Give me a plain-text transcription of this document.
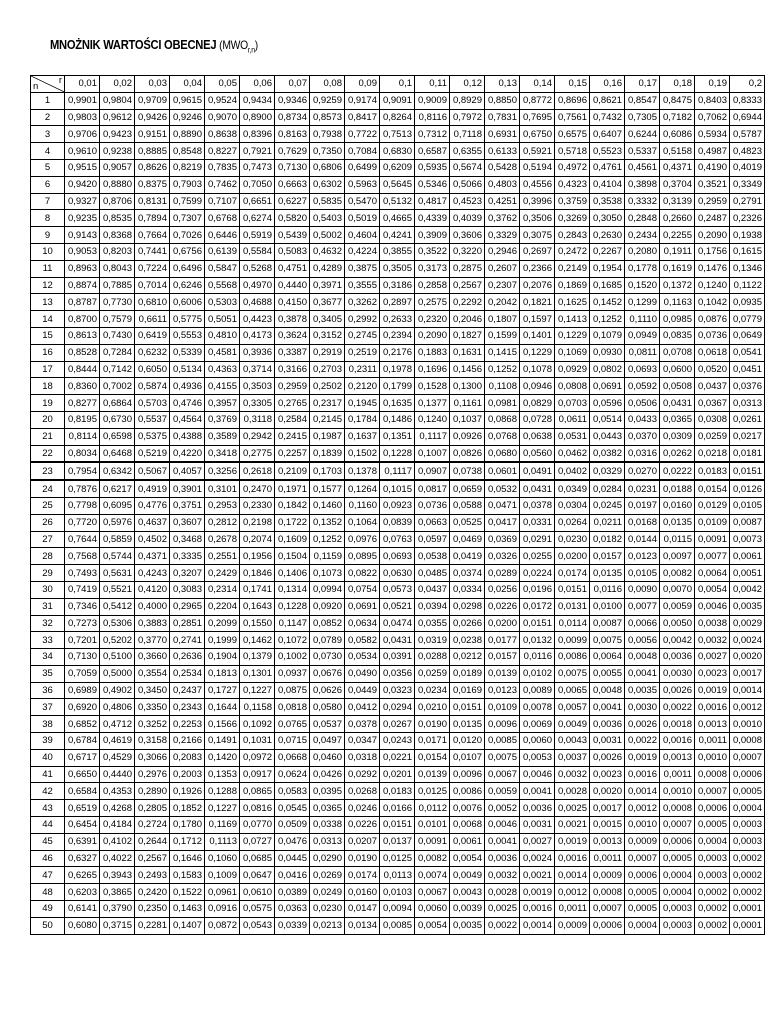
MNOŻNIK WARTOŚCI OBECNEJ $(MWO_{r,n})$
n
r	0,01	0,02	0,03	0,04	0,05	0,06	0,07	0,08	0,09	0,1	0,11	0,12	0,13	0,14	0,15	0,16	0,17	0,18	0,19	0,2
1	0,9901	0,9804	0,9709	0,9615	0,9524	0,9434	0,9346	0,9259	0,9174	0,9091	0,9009	0,8929	0,8850	0,8772	0,8696	0,8621	0,8547	0,8475	0,8403	0,8333
2	0,9803	0,9612	0,9426	0,9246	0,9070	0,8900	0,8734	0,8573	0,8417	0,8264	0,8116	0,7972	0,7831	0,7695	0,7561	0,7432	0,7305	0,7182	0,7062	0,6944
3	0,9706	0,9423	0,9151	0,8890	0,8638	0,8396	0,8163	0,7938	0,7722	0,7513	0,7312	0,7118	0,6931	0,6750	0,6575	0,6407	0,6244	0,6086	0,5934	0,5787
4	0,9610	0,9238	0,8885	0,8548	0,8227	0,7921	0,7629	0,7350	0,7084	0,6830	0,6587	0,6355	0,6133	0,5921	0,5718	0,5523	0,5337	0,5158	0,4987	0,4823
5	0,9515	0,9057	0,8626	0,8219	0,7835	0,7473	0,7130	0,6806	0,6499	0,6209	0,5935	0,5674	0,5428	0,5194	0,4972	0,4761	0,4561	0,4371	0,4190	0,4019
6	0,9420	0,8880	0,8375	0,7903	0,7462	0,7050	0,6663	0,6302	0,5963	0,5645	0,5346	0,5066	0,4803	0,4556	0,4323	0,4104	0,3898	0,3704	0,3521	0,3349
7	0,9327	0,8706	0,8131	0,7599	0,7107	0,6651	0,6227	0,5835	0,5470	0,5132	0,4817	0,4523	0,4251	0,3996	0,3759	0,3538	0,3332	0,3139	0,2959	0,2791
8	0,9235	0,8535	0,7894	0,7307	0,6768	0,6274	0,5820	0,5403	0,5019	0,4665	0,4339	0,4039	0,3762	0,3506	0,3269	0,3050	0,2848	0,2660	0,2487	0,2326
9	0,9143	0,8368	0,7664	0,7026	0,6446	0,5919	0,5439	0,5002	0,4604	0,4241	0,3909	0,3606	0,3329	0,3075	0,2843	0,2630	0,2434	0,2255	0,2090	0,1938
10	0,9053	0,8203	0,7441	0,6756	0,6139	0,5584	0,5083	0,4632	0,4224	0,3855	0,3522	0,3220	0,2946	0,2697	0,2472	0,2267	0,2080	0,1911	0,1756	0,1615
11	0,8963	0,8043	0,7224	0,6496	0,5847	0,5268	0,4751	0,4289	0,3875	0,3505	0,3173	0,2875	0,2607	0,2366	0,2149	0,1954	0,1778	0,1619	0,1476	0,1346
12	0,8874	0,7885	0,7014	0,6246	0,5568	0,4970	0,4440	0,3971	0,3555	0,3186	0,2858	0,2567	0,2307	0,2076	0,1869	0,1685	0,1520	0,1372	0,1240	0,1122
13	0,8787	0,7730	0,6810	0,6006	0,5303	0,4688	0,4150	0,3677	0,3262	0,2897	0,2575	0,2292	0,2042	0,1821	0,1625	0,1452	0,1299	0,1163	0,1042	0,0935
14	0,8700	0,7579	0,6611	0,5775	0,5051	0,4423	0,3878	0,3405	0,2992	0,2633	0,2320	0,2046	0,1807	0,1597	0,1413	0,1252	0,1110	0,0985	0,0876	0,0779
15	0,8613	0,7430	0,6419	0,5553	0,4810	0,4173	0,3624	0,3152	0,2745	0,2394	0,2090	0,1827	0,1599	0,1401	0,1229	0,1079	0,0949	0,0835	0,0736	0,0649
16	0,8528	0,7284	0,6232	0,5339	0,4581	0,3936	0,3387	0,2919	0,2519	0,2176	0,1883	0,1631	0,1415	0,1229	0,1069	0,0930	0,0811	0,0708	0,0618	0,0541
17	0,8444	0,7142	0,6050	0,5134	0,4363	0,3714	0,3166	0,2703	0,2311	0,1978	0,1696	0,1456	0,1252	0,1078	0,0929	0,0802	0,0693	0,0600	0,0520	0,0451
18	0,8360	0,7002	0,5874	0,4936	0,4155	0,3503	0,2959	0,2502	0,2120	0,1799	0,1528	0,1300	0,1108	0,0946	0,0808	0,0691	0,0592	0,0508	0,0437	0,0376
19	0,8277	0,6864	0,5703	0,4746	0,3957	0,3305	0,2765	0,2317	0,1945	0,1635	0,1377	0,1161	0,0981	0,0829	0,0703	0,0596	0,0506	0,0431	0,0367	0,0313
20	0,8195	0,6730	0,5537	0,4564	0,3769	0,3118	0,2584	0,2145	0,1784	0,1486	0,1240	0,1037	0,0868	0,0728	0,0611	0,0514	0,0433	0,0365	0,0308	0,0261
21	0,8114	0,6598	0,5375	0,4388	0,3589	0,2942	0,2415	0,1987	0,1637	0,1351	0,1117	0,0926	0,0768	0,0638	0,0531	0,0443	0,0370	0,0309	0,0259	0,0217
22	0,8034	0,6468	0,5219	0,4220	0,3418	0,2775	0,2257	0,1839	0,1502	0,1228	0,1007	0,0826	0,0680	0,0560	0,0462	0,0382	0,0316	0,0262	0,0218	0,0181
23	0,7954	0,6342	0,5067	0,4057	0,3256	0,2618	0,2109	0,1703	0,1378	0,1117	0,0907	0,0738	0,0601	0,0491	0,0402	0,0329	0,0270	0,0222	0,0183	0,0151
24	0,7876	0,6217	0,4919	0,3901	0,3101	0,2470	0,1971	0,1577	0,1264	0,1015	0,0817	0,0659	0,0532	0,0431	0,0349	0,0284	0,0231	0,0188	0,0154	0,0126
25	0,7798	0,6095	0,4776	0,3751	0,2953	0,2330	0,1842	0,1460	0,1160	0,0923	0,0736	0,0588	0,0471	0,0378	0,0304	0,0245	0,0197	0,0160	0,0129	0,0105
26	0,7720	0,5976	0,4637	0,3607	0,2812	0,2198	0,1722	0,1352	0,1064	0,0839	0,0663	0,0525	0,0417	0,0331	0,0264	0,0211	0,0168	0,0135	0,0109	0,0087
27	0,7644	0,5859	0,4502	0,3468	0,2678	0,2074	0,1609	0,1252	0,0976	0,0763	0,0597	0,0469	0,0369	0,0291	0,0230	0,0182	0,0144	0,0115	0,0091	0,0073
28	0,7568	0,5744	0,4371	0,3335	0,2551	0,1956	0,1504	0,1159	0,0895	0,0693	0,0538	0,0419	0,0326	0,0255	0,0200	0,0157	0,0123	0,0097	0,0077	0,0061
29	0,7493	0,5631	0,4243	0,3207	0,2429	0,1846	0,1406	0,1073	0,0822	0,0630	0,0485	0,0374	0,0289	0,0224	0,0174	0,0135	0,0105	0,0082	0,0064	0,0051
30	0,7419	0,5521	0,4120	0,3083	0,2314	0,1741	0,1314	0,0994	0,0754	0,0573	0,0437	0,0334	0,0256	0,0196	0,0151	0,0116	0,0090	0,0070	0,0054	0,0042
31	0,7346	0,5412	0,4000	0,2965	0,2204	0,1643	0,1228	0,0920	0,0691	0,0521	0,0394	0,0298	0,0226	0,0172	0,0131	0,0100	0,0077	0,0059	0,0046	0,0035
32	0,7273	0,5306	0,3883	0,2851	0,2099	0,1550	0,1147	0,0852	0,0634	0,0474	0,0355	0,0266	0,0200	0,0151	0,0114	0,0087	0,0066	0,0050	0,0038	0,0029
33	0,7201	0,5202	0,3770	0,2741	0,1999	0,1462	0,1072	0,0789	0,0582	0,0431	0,0319	0,0238	0,0177	0,0132	0,0099	0,0075	0,0056	0,0042	0,0032	0,0024
34	0,7130	0,5100	0,3660	0,2636	0,1904	0,1379	0,1002	0,0730	0,0534	0,0391	0,0288	0,0212	0,0157	0,0116	0,0086	0,0064	0,0048	0,0036	0,0027	0,0020
35	0,7059	0,5000	0,3554	0,2534	0,1813	0,1301	0,0937	0,0676	0,0490	0,0356	0,0259	0,0189	0,0139	0,0102	0,0075	0,0055	0,0041	0,0030	0,0023	0,0017
36	0,6989	0,4902	0,3450	0,2437	0,1727	0,1227	0,0875	0,0626	0,0449	0,0323	0,0234	0,0169	0,0123	0,0089	0,0065	0,0048	0,0035	0,0026	0,0019	0,0014
37	0,6920	0,4806	0,3350	0,2343	0,1644	0,1158	0,0818	0,0580	0,0412	0,0294	0,0210	0,0151	0,0109	0,0078	0,0057	0,0041	0,0030	0,0022	0,0016	0,0012
38	0,6852	0,4712	0,3252	0,2253	0,1566	0,1092	0,0765	0,0537	0,0378	0,0267	0,0190	0,0135	0,0096	0,0069	0,0049	0,0036	0,0026	0,0018	0,0013	0,0010
39	0,6784	0,4619	0,3158	0,2166	0,1491	0,1031	0,0715	0,0497	0,0347	0,0243	0,0171	0,0120	0,0085	0,0060	0,0043	0,0031	0,0022	0,0016	0,0011	0,0008
40	0,6717	0,4529	0,3066	0,2083	0,1420	0,0972	0,0668	0,0460	0,0318	0,0221	0,0154	0,0107	0,0075	0,0053	0,0037	0,0026	0,0019	0,0013	0,0010	0,0007
41	0,6650	0,4440	0,2976	0,2003	0,1353	0,0917	0,0624	0,0426	0,0292	0,0201	0,0139	0,0096	0,0067	0,0046	0,0032	0,0023	0,0016	0,0011	0,0008	0,0006
42	0,6584	0,4353	0,2890	0,1926	0,1288	0,0865	0,0583	0,0395	0,0268	0,0183	0,0125	0,0086	0,0059	0,0041	0,0028	0,0020	0,0014	0,0010	0,0007	0,0005
43	0,6519	0,4268	0,2805	0,1852	0,1227	0,0816	0,0545	0,0365	0,0246	0,0166	0,0112	0,0076	0,0052	0,0036	0,0025	0,0017	0,0012	0,0008	0,0006	0,0004
44	0,6454	0,4184	0,2724	0,1780	0,1169	0,0770	0,0509	0,0338	0,0226	0,0151	0,0101	0,0068	0,0046	0,0031	0,0021	0,0015	0,0010	0,0007	0,0005	0,0003
45	0,6391	0,4102	0,2644	0,1712	0,1113	0,0727	0,0476	0,0313	0,0207	0,0137	0,0091	0,0061	0,0041	0,0027	0,0019	0,0013	0,0009	0,0006	0,0004	0,0003
46	0,6327	0,4022	0,2567	0,1646	0,1060	0,0685	0,0445	0,0290	0,0190	0,0125	0,0082	0,0054	0,0036	0,0024	0,0016	0,0011	0,0007	0,0005	0,0003	0,0002
47	0,6265	0,3943	0,2493	0,1583	0,1009	0,0647	0,0416	0,0269	0,0174	0,0113	0,0074	0,0049	0,0032	0,0021	0,0014	0,0009	0,0006	0,0004	0,0003	0,0002
48	0,6203	0,3865	0,2420	0,1522	0,0961	0,0610	0,0389	0,0249	0,0160	0,0103	0,0067	0,0043	0,0028	0,0019	0,0012	0,0008	0,0005	0,0004	0,0002	0,0002
49	0,6141	0,3790	0,2350	0,1463	0,0916	0,0575	0,0363	0,0230	0,0147	0,0094	0,0060	0,0039	0,0025	0,0016	0,0011	0,0007	0,0005	0,0003	0,0002	0,0001
50	0,6080	0,3715	0,2281	0,1407	0,0872	0,0543	0,0339	0,0213	0,0134	0,0085	0,0054	0,0035	0,0022	0,0014	0,0009	0,0006	0,0004	0,0003	0,0002	0,0001
